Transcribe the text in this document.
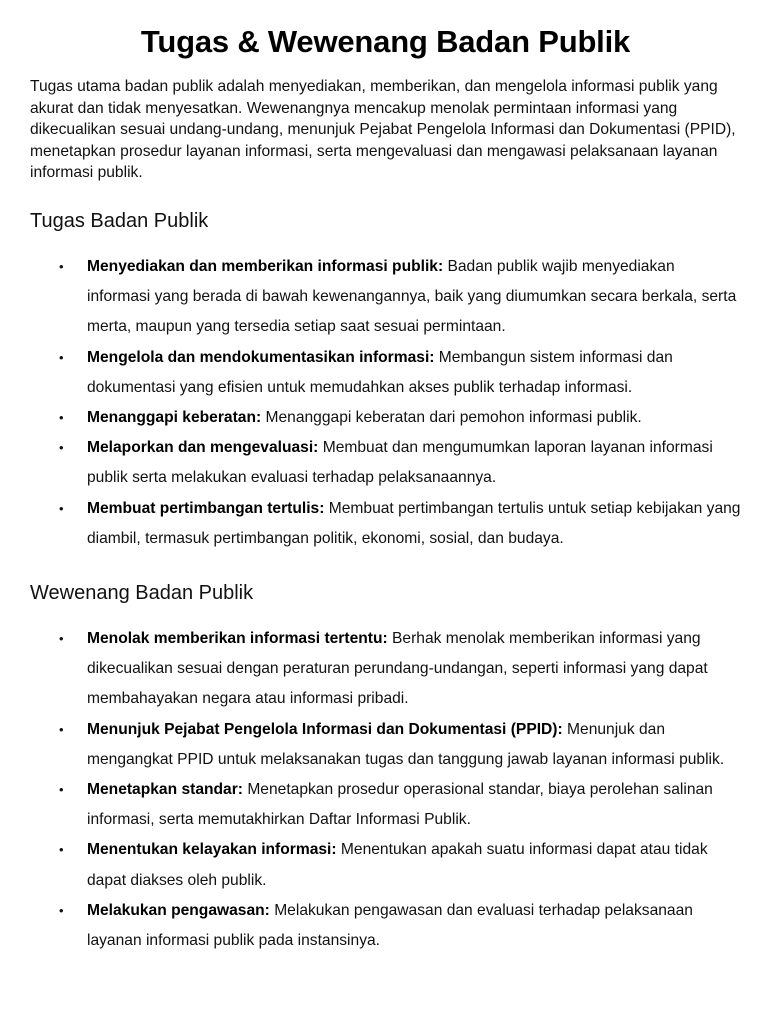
Tugas & Wewenang Badan Publik

Tugas utama badan publik adalah menyediakan, memberikan, dan mengelola informasi publik yang akurat dan tidak menyesatkan. Wewenangnya mencakup menolak permintaan informasi yang dikecualikan sesuai undang-undang, menunjuk Pejabat Pengelola Informasi dan Dokumentasi (PPID), menetapkan prosedur layanan informasi, serta mengevaluasi dan mengawasi pelaksanaan layanan informasi publik.

Tugas Badan Publik
• Menyediakan dan memberikan informasi publik: Badan publik wajib menyediakan informasi yang berada di bawah kewenangannya, baik yang diumumkan secara berkala, serta merta, maupun yang tersedia setiap saat sesuai permintaan.
• Mengelola dan mendokumentasikan informasi: Membangun sistem informasi dan dokumentasi yang efisien untuk memudahkan akses publik terhadap informasi.
• Menanggapi keberatan: Menanggapi keberatan dari pemohon informasi publik.
• Melaporkan dan mengevaluasi: Membuat dan mengumumkan laporan layanan informasi publik serta melakukan evaluasi terhadap pelaksanaannya.
• Membuat pertimbangan tertulis: Membuat pertimbangan tertulis untuk setiap kebijakan yang diambil, termasuk pertimbangan politik, ekonomi, sosial, dan budaya.
Wewenang Badan Publik
• Menolak memberikan informasi tertentu: Berhak menolak memberikan informasi yang dikecualikan sesuai dengan peraturan perundang-undangan, seperti informasi yang dapat membahayakan negara atau informasi pribadi.
• Menunjuk Pejabat Pengelola Informasi dan Dokumentasi (PPID): Menunjuk dan mengangkat PPID untuk melaksanakan tugas dan tanggung jawab layanan informasi publik.
• Menetapkan standar: Menetapkan prosedur operasional standar, biaya perolehan salinan informasi, serta memutakhirkan Daftar Informasi Publik.
• Menentukan kelayakan informasi: Menentukan apakah suatu informasi dapat atau tidak dapat diakses oleh publik.
• Melakukan pengawasan: Melakukan pengawasan dan evaluasi terhadap pelaksanaan layanan informasi publik pada instansinya.
